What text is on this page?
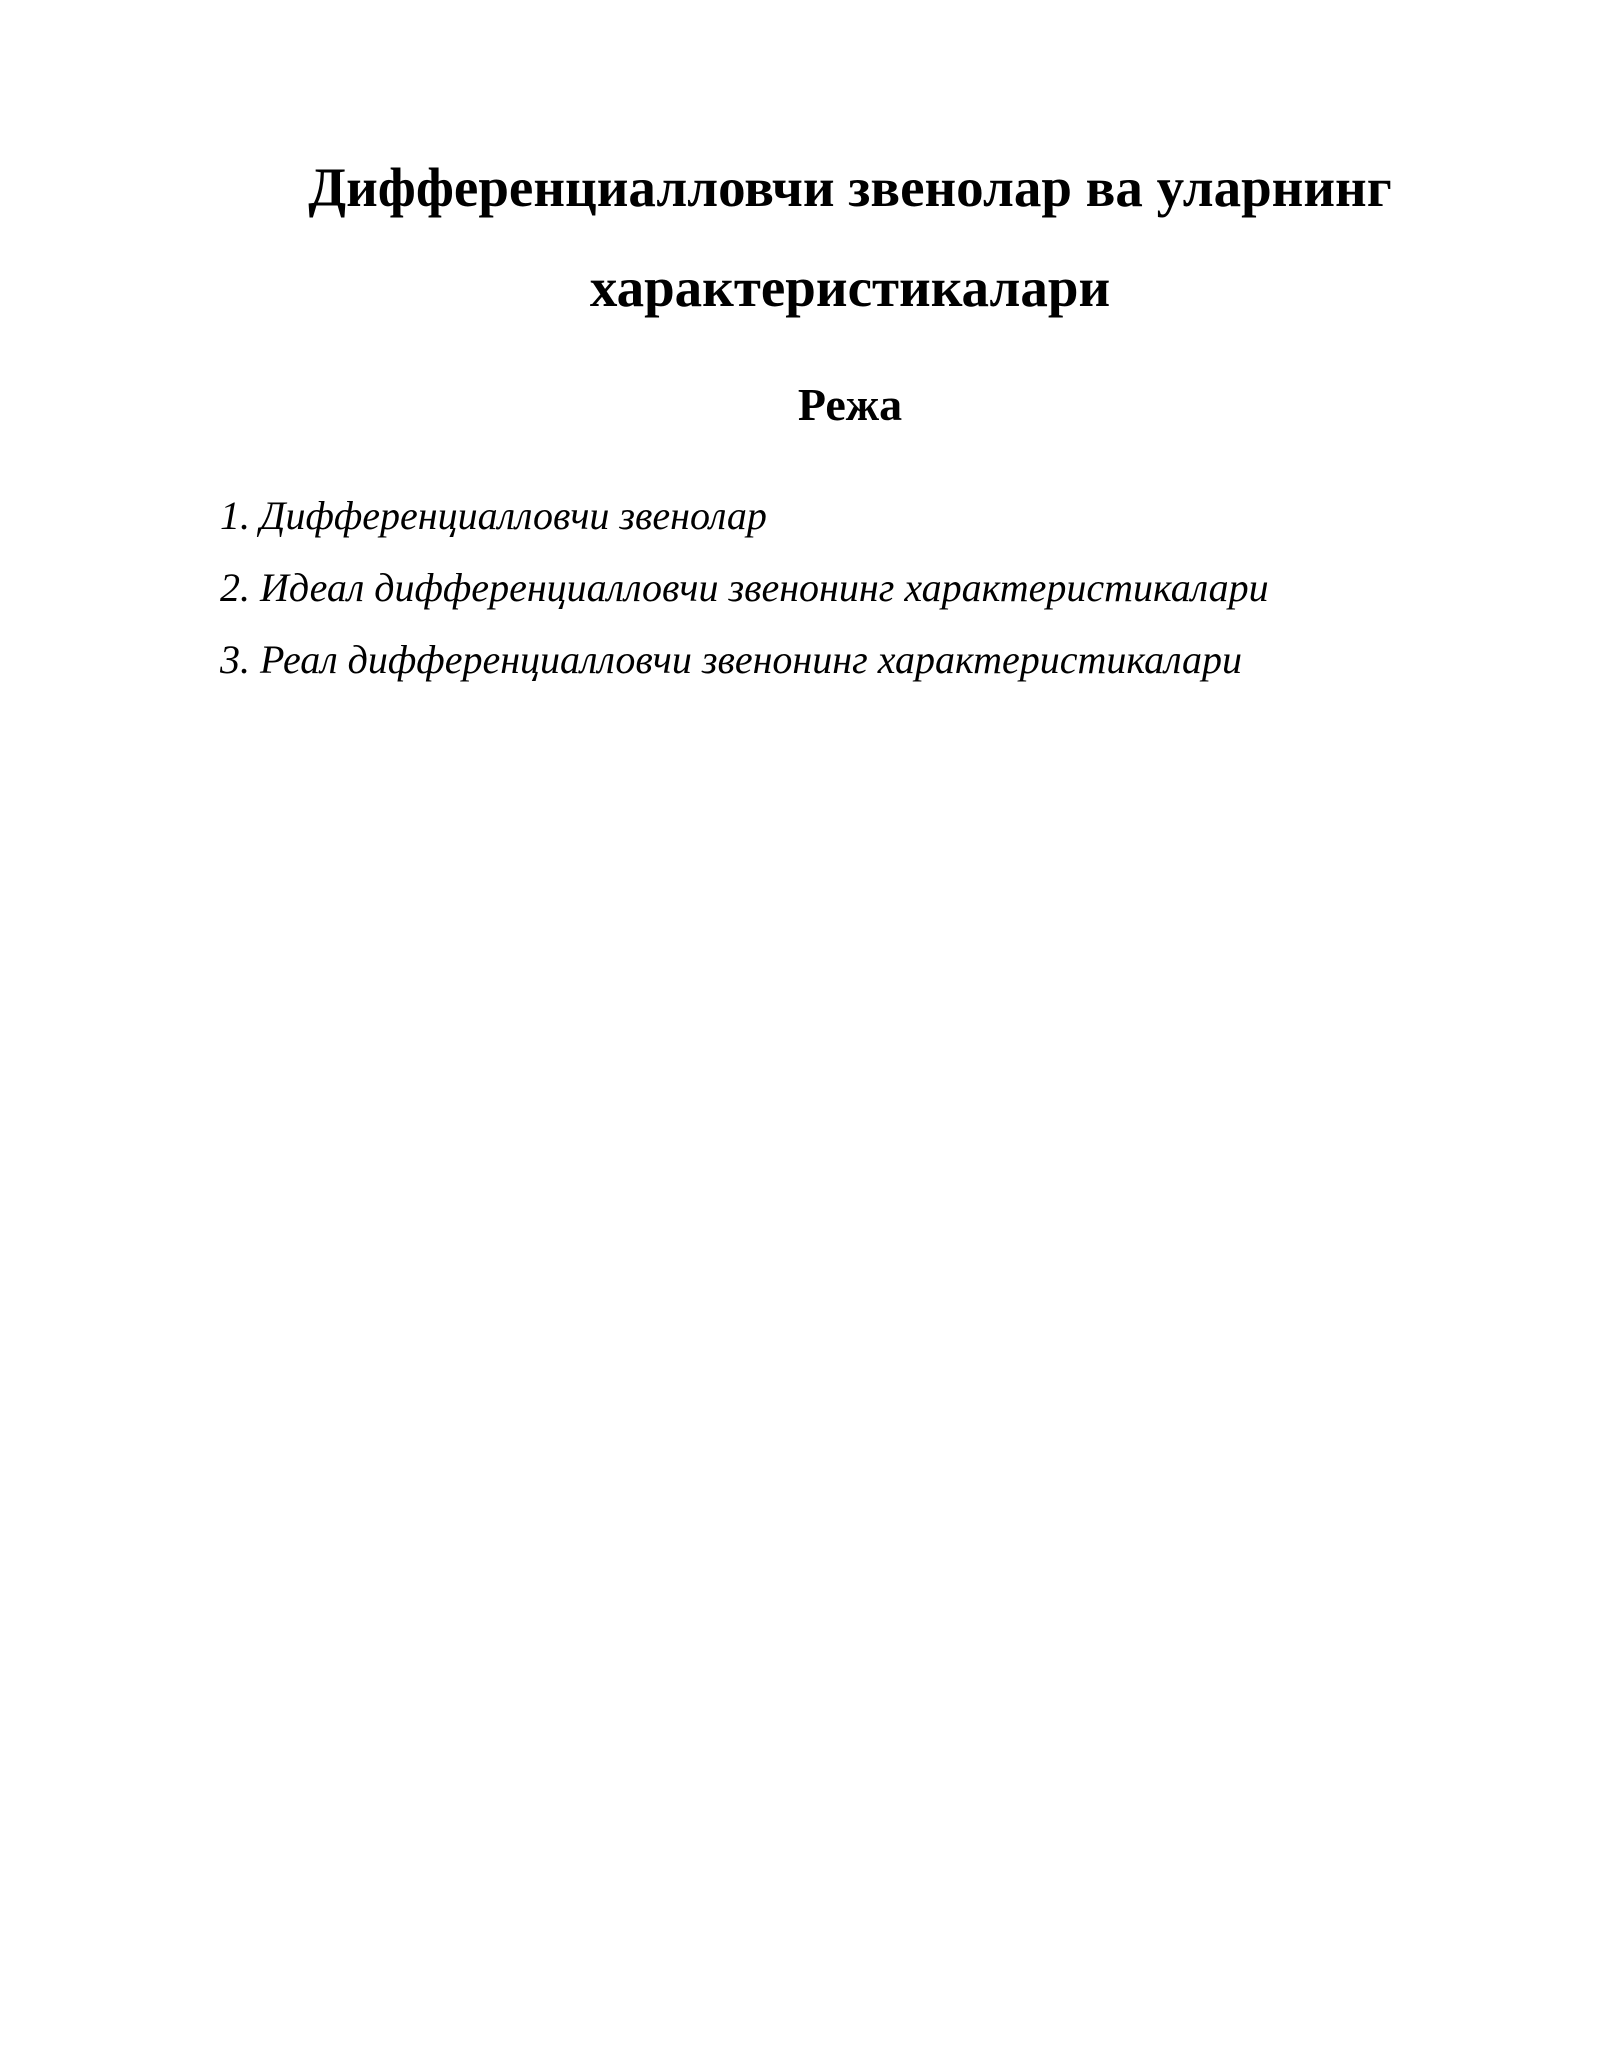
Дифференциалловчи звенолар ва уларнинг характеристикалари
Режа
1. Дифференциалловчи звенолар
2. Идеал дифференциалловчи звенонинг характеристикалари
3. Реал дифференциалловчи звенонинг характеристикалари
